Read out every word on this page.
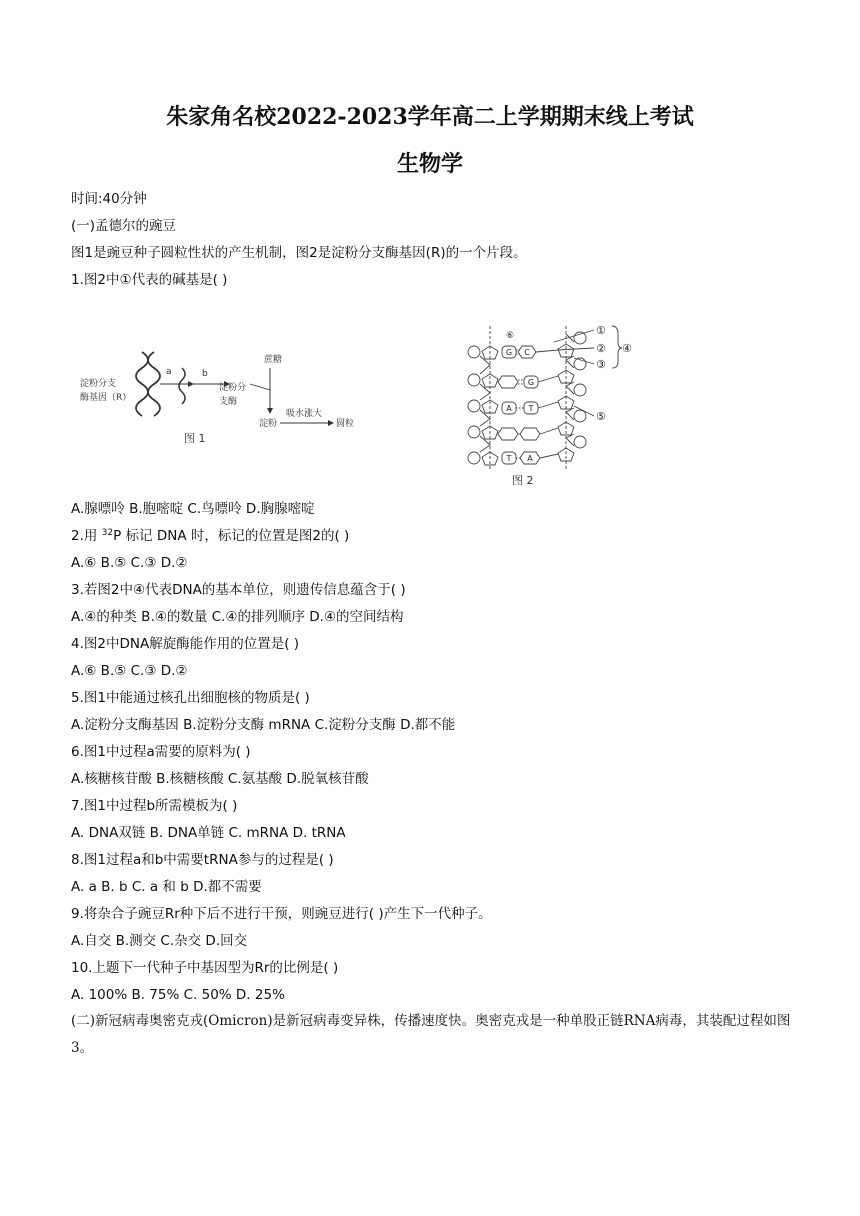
朱家角名校2022-2023学年高二上学期期末线上考试
生物学
时间:40分钟
(一)孟德尔的豌豆
图1是豌豆种子圆粒性状的产生机制，图2是淀粉分支酶基因(R)的一个片段。
1.图2中①代表的碱基是( )
淀粉分支
酶基因（R）
a	b
淀粉分
支酶
蔗糖
淀粉
吸水涨大
圆粒
图 1
G C
G
A T
T A
①
②
③
④
⑤
⑥
图 2
A.腺嘌呤 B.胞嘧啶 C.鸟嘌呤 D.胸腺嘧啶
2.用 $^{32}$P 标记 DNA 时，标记的位置是图2的( )
A.⑥ B.⑤ C.③ D.②
3.若图2中④代表DNA的基本单位，则遗传信息蕴含于( )
A.④的种类 B.④的数量 C.④的排列顺序 D.④的空间结构
4.图2中DNA解旋酶能作用的位置是( )
A.⑥ B.⑤ C.③ D.②
5.图1中能通过核孔出细胞核的物质是( )
A.淀粉分支酶基因 B.淀粉分支酶 mRNA C.淀粉分支酶 D.都不能
6.图1中过程a需要的原料为( )
A.核糖核苷酸 B.核糖核酸 C.氨基酸 D.脱氧核苷酸
7.图1中过程b所需模板为( )
A. DNA双链 B. DNA单链 C. mRNA D. tRNA
8.图1过程a和b中需要tRNA参与的过程是( )
A. a B. b C. a 和 b D.都不需要
9.将杂合子豌豆Rr种下后不进行干预，则豌豆进行( )产生下一代种子。
A.自交 B.测交 C.杂交 D.回交
10.上题下一代种子中基因型为Rr的比例是( )
A. 100% B. 75% C. 50% D. 25%
(二)新冠病毒奥密克戎(Omicron)是新冠病毒变异株，传播速度快。奥密克戎是一种单股正链RNA病毒，其装配过程如图3。
